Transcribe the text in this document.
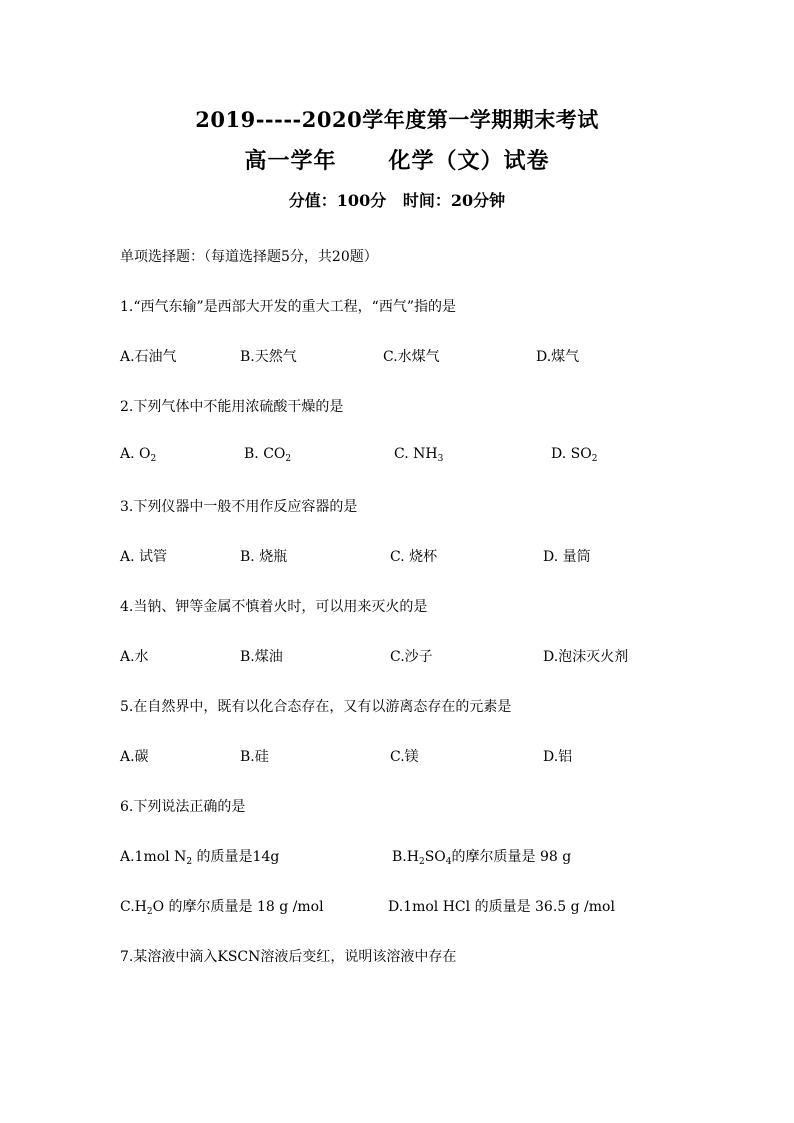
2019-----2020学年度第一学期期末考试
高一学年      化学（文）试卷
分值：100分   时间：20分钟
单项选择题：（每道选择题5分，共20题）
1.“西气东输”是西部大开发的重大工程，“西气”指的是
A.石油气	B.天然气	C.水煤气	D.煤气
2.下列气体中不能用浓硫酸干燥的是
A. $O_2$	B. $CO_2$	C. $NH_3$	D. $SO_2$
3.下列仪器中一般不用作反应容器的是
A. 试管	B. 烧瓶	C. 烧杯	D. 量筒
4.当钠、钾等金属不慎着火时，可以用来灭火的是
A.水	B.煤油	C.沙子	D.泡沫灭火剂
5.在自然界中，既有以化合态存在，又有以游离态存在的元素是
A.碳	B.硅	C.镁	D.铝
6.下列说法正确的是
A.1mol $N_2$ 的质量是14g	$B.H_2SO_4$的摩尔质量是 98 g
$C.H_2O$ 的摩尔质量是 18 g /mol	D.1mol HCl 的质量是 36.5 g /mol
7.某溶液中滴入KSCN溶液后变红，说明该溶液中存在
